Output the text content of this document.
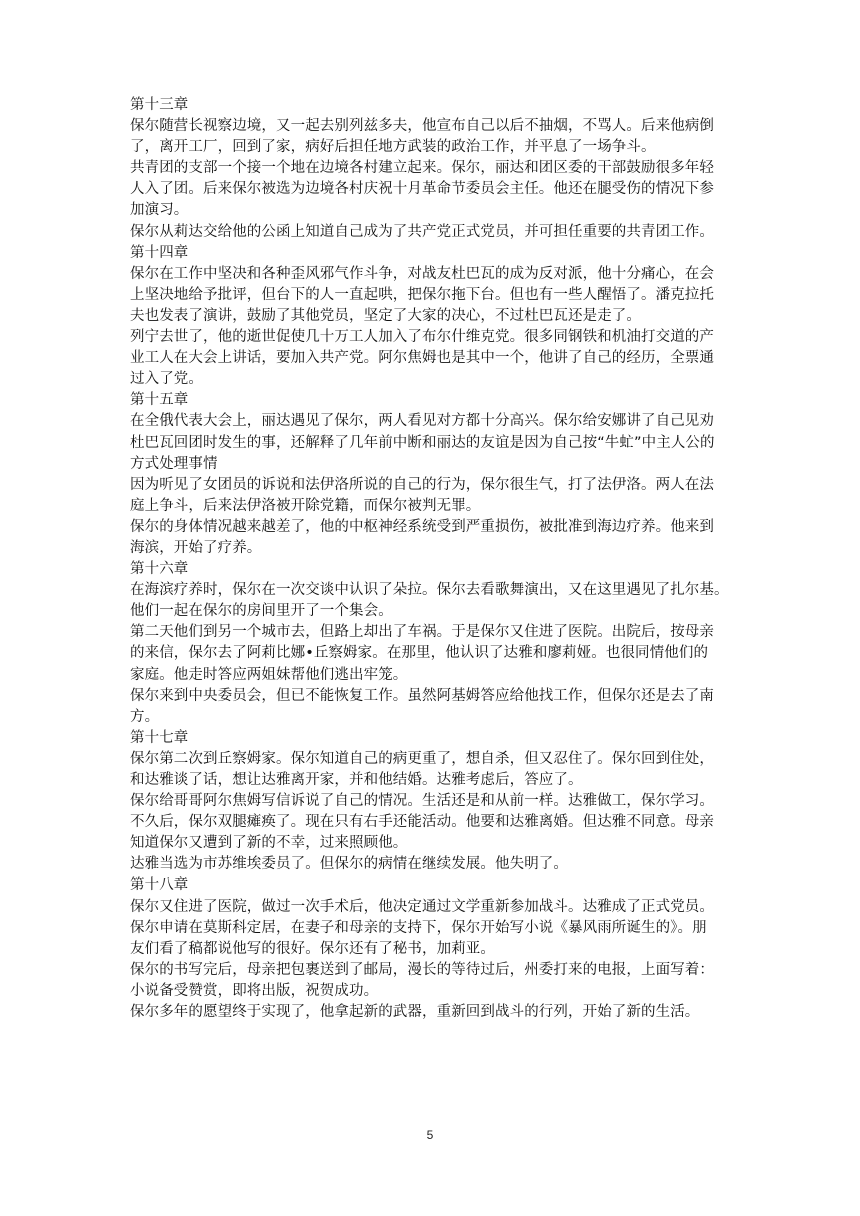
第十三章
保尔随营长视察边境，又一起去别列兹多夫，他宣布自己以后不抽烟，不骂人。后来他病倒
了，离开工厂，回到了家，病好后担任地方武装的政治工作，并平息了一场争斗。
共青团的支部一个接一个地在边境各村建立起来。保尔，丽达和团区委的干部鼓励很多年轻
人入了团。后来保尔被选为边境各村庆祝十月革命节委员会主任。他还在腿受伤的情况下参
加演习。
保尔从莉达交给他的公函上知道自己成为了共产党正式党员，并可担任重要的共青团工作。
第十四章
保尔在工作中坚决和各种歪风邪气作斗争，对战友杜巴瓦的成为反对派，他十分痛心，在会
上坚决地给予批评，但台下的人一直起哄，把保尔拖下台。但也有一些人醒悟了。潘克拉托
夫也发表了演讲，鼓励了其他党员，坚定了大家的决心，不过杜巴瓦还是走了。
列宁去世了，他的逝世促使几十万工人加入了布尔什维克党。很多同钢铁和机油打交道的产
业工人在大会上讲话，要加入共产党。阿尔焦姆也是其中一个，他讲了自己的经历，全票通
过入了党。
第十五章
在全俄代表大会上，丽达遇见了保尔，两人看见对方都十分高兴。保尔给安娜讲了自己见劝
杜巴瓦回团时发生的事，还解释了几年前中断和丽达的友谊是因为自己按“牛虻”中主人公的
方式处理事情
因为听见了女团员的诉说和法伊洛所说的自己的行为，保尔很生气，打了法伊洛。两人在法
庭上争斗，后来法伊洛被开除党籍，而保尔被判无罪。
保尔的身体情况越来越差了，他的中枢神经系统受到严重损伤，被批准到海边疗养。他来到
海滨，开始了疗养。
第十六章
在海滨疗养时，保尔在一次交谈中认识了朵拉。保尔去看歌舞演出，又在这里遇见了扎尔基。
他们一起在保尔的房间里开了一个集会。
第二天他们到另一个城市去，但路上却出了车祸。于是保尔又住进了医院。出院后，按母亲
的来信，保尔去了阿莉比娜•丘察姆家。在那里，他认识了达雅和廖莉娅。也很同情他们的
家庭。他走时答应两姐妹帮他们逃出牢笼。
保尔来到中央委员会，但已不能恢复工作。虽然阿基姆答应给他找工作，但保尔还是去了南
方。
第十七章
保尔第二次到丘察姆家。保尔知道自己的病更重了，想自杀，但又忍住了。保尔回到住处，
和达雅谈了话，想让达雅离开家，并和他结婚。达雅考虑后，答应了。
保尔给哥哥阿尔焦姆写信诉说了自己的情况。生活还是和从前一样。达雅做工，保尔学习。
不久后，保尔双腿瘫痪了。现在只有右手还能活动。他要和达雅离婚。但达雅不同意。母亲
知道保尔又遭到了新的不幸，过来照顾他。
达雅当选为市苏维埃委员了。但保尔的病情在继续发展。他失明了。
第十八章
保尔又住进了医院，做过一次手术后，他决定通过文学重新参加战斗。达雅成了正式党员。
保尔申请在莫斯科定居，在妻子和母亲的支持下，保尔开始写小说《暴风雨所诞生的》。朋
友们看了稿都说他写的很好。保尔还有了秘书，加莉亚。
保尔的书写完后，母亲把包裹送到了邮局，漫长的等待过后，州委打来的电报，上面写着：
小说备受赞赏，即将出版，祝贺成功。
保尔多年的愿望终于实现了，他拿起新的武器，重新回到战斗的行列，开始了新的生活。
5
